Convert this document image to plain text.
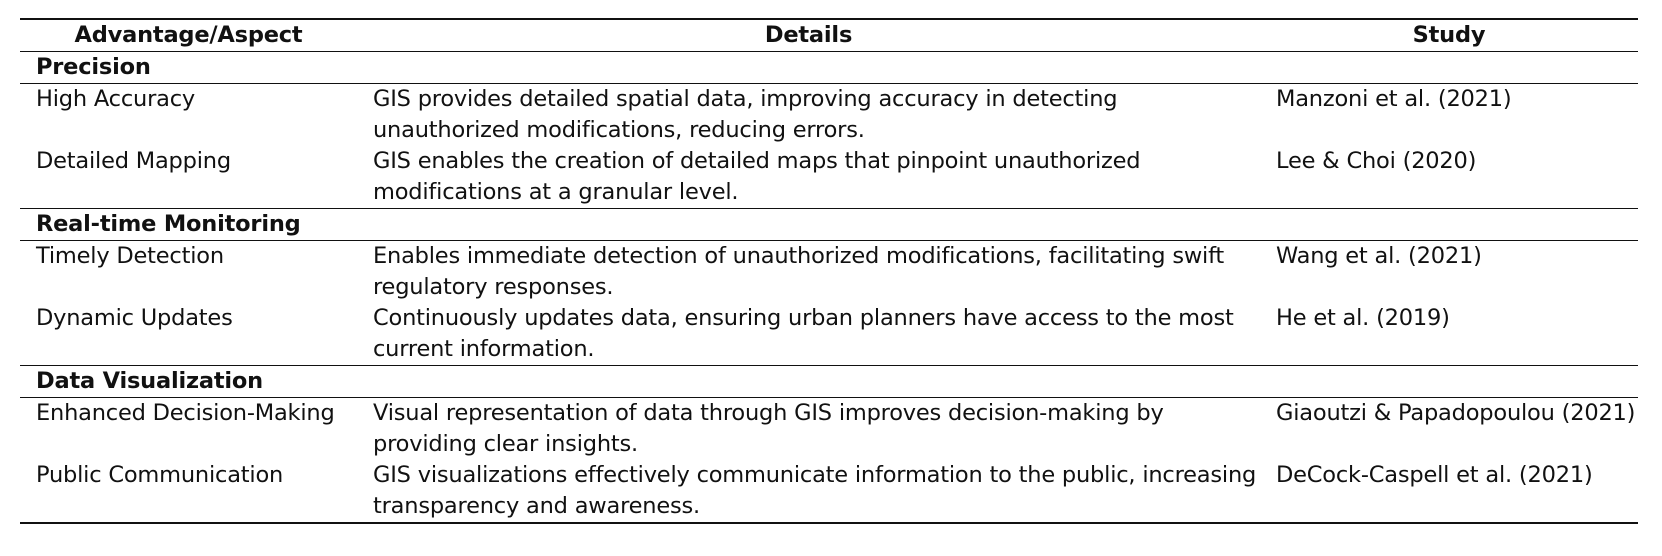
Advantage/Aspect	Details	Study
Precision		
High Accuracy	GIS provides detailed spatial data, improving accuracy in detecting unauthorized modifications, reducing errors.	Manzoni et al. (2021)
Detailed Mapping	GIS enables the creation of detailed maps that pinpoint unauthorized modifications at a granular level.	Lee & Choi (2020)
Real-time Monitoring		
Timely Detection	Enables immediate detection of unauthorized modifications, facilitating swift regulatory responses.	Wang et al. (2021)
Dynamic Updates	Continuously updates data, ensuring urban planners have access to the most current information.	He et al. (2019)
Data Visualization		
Enhanced Decision-Making	Visual representation of data through GIS improves decision-making by providing clear insights.	Giaoutzi & Papadopoulou (2021)
Public Communication	GIS visualizations effectively communicate information to the public, increasing transparency and awareness.	DeCock-Caspell et al. (2021)
